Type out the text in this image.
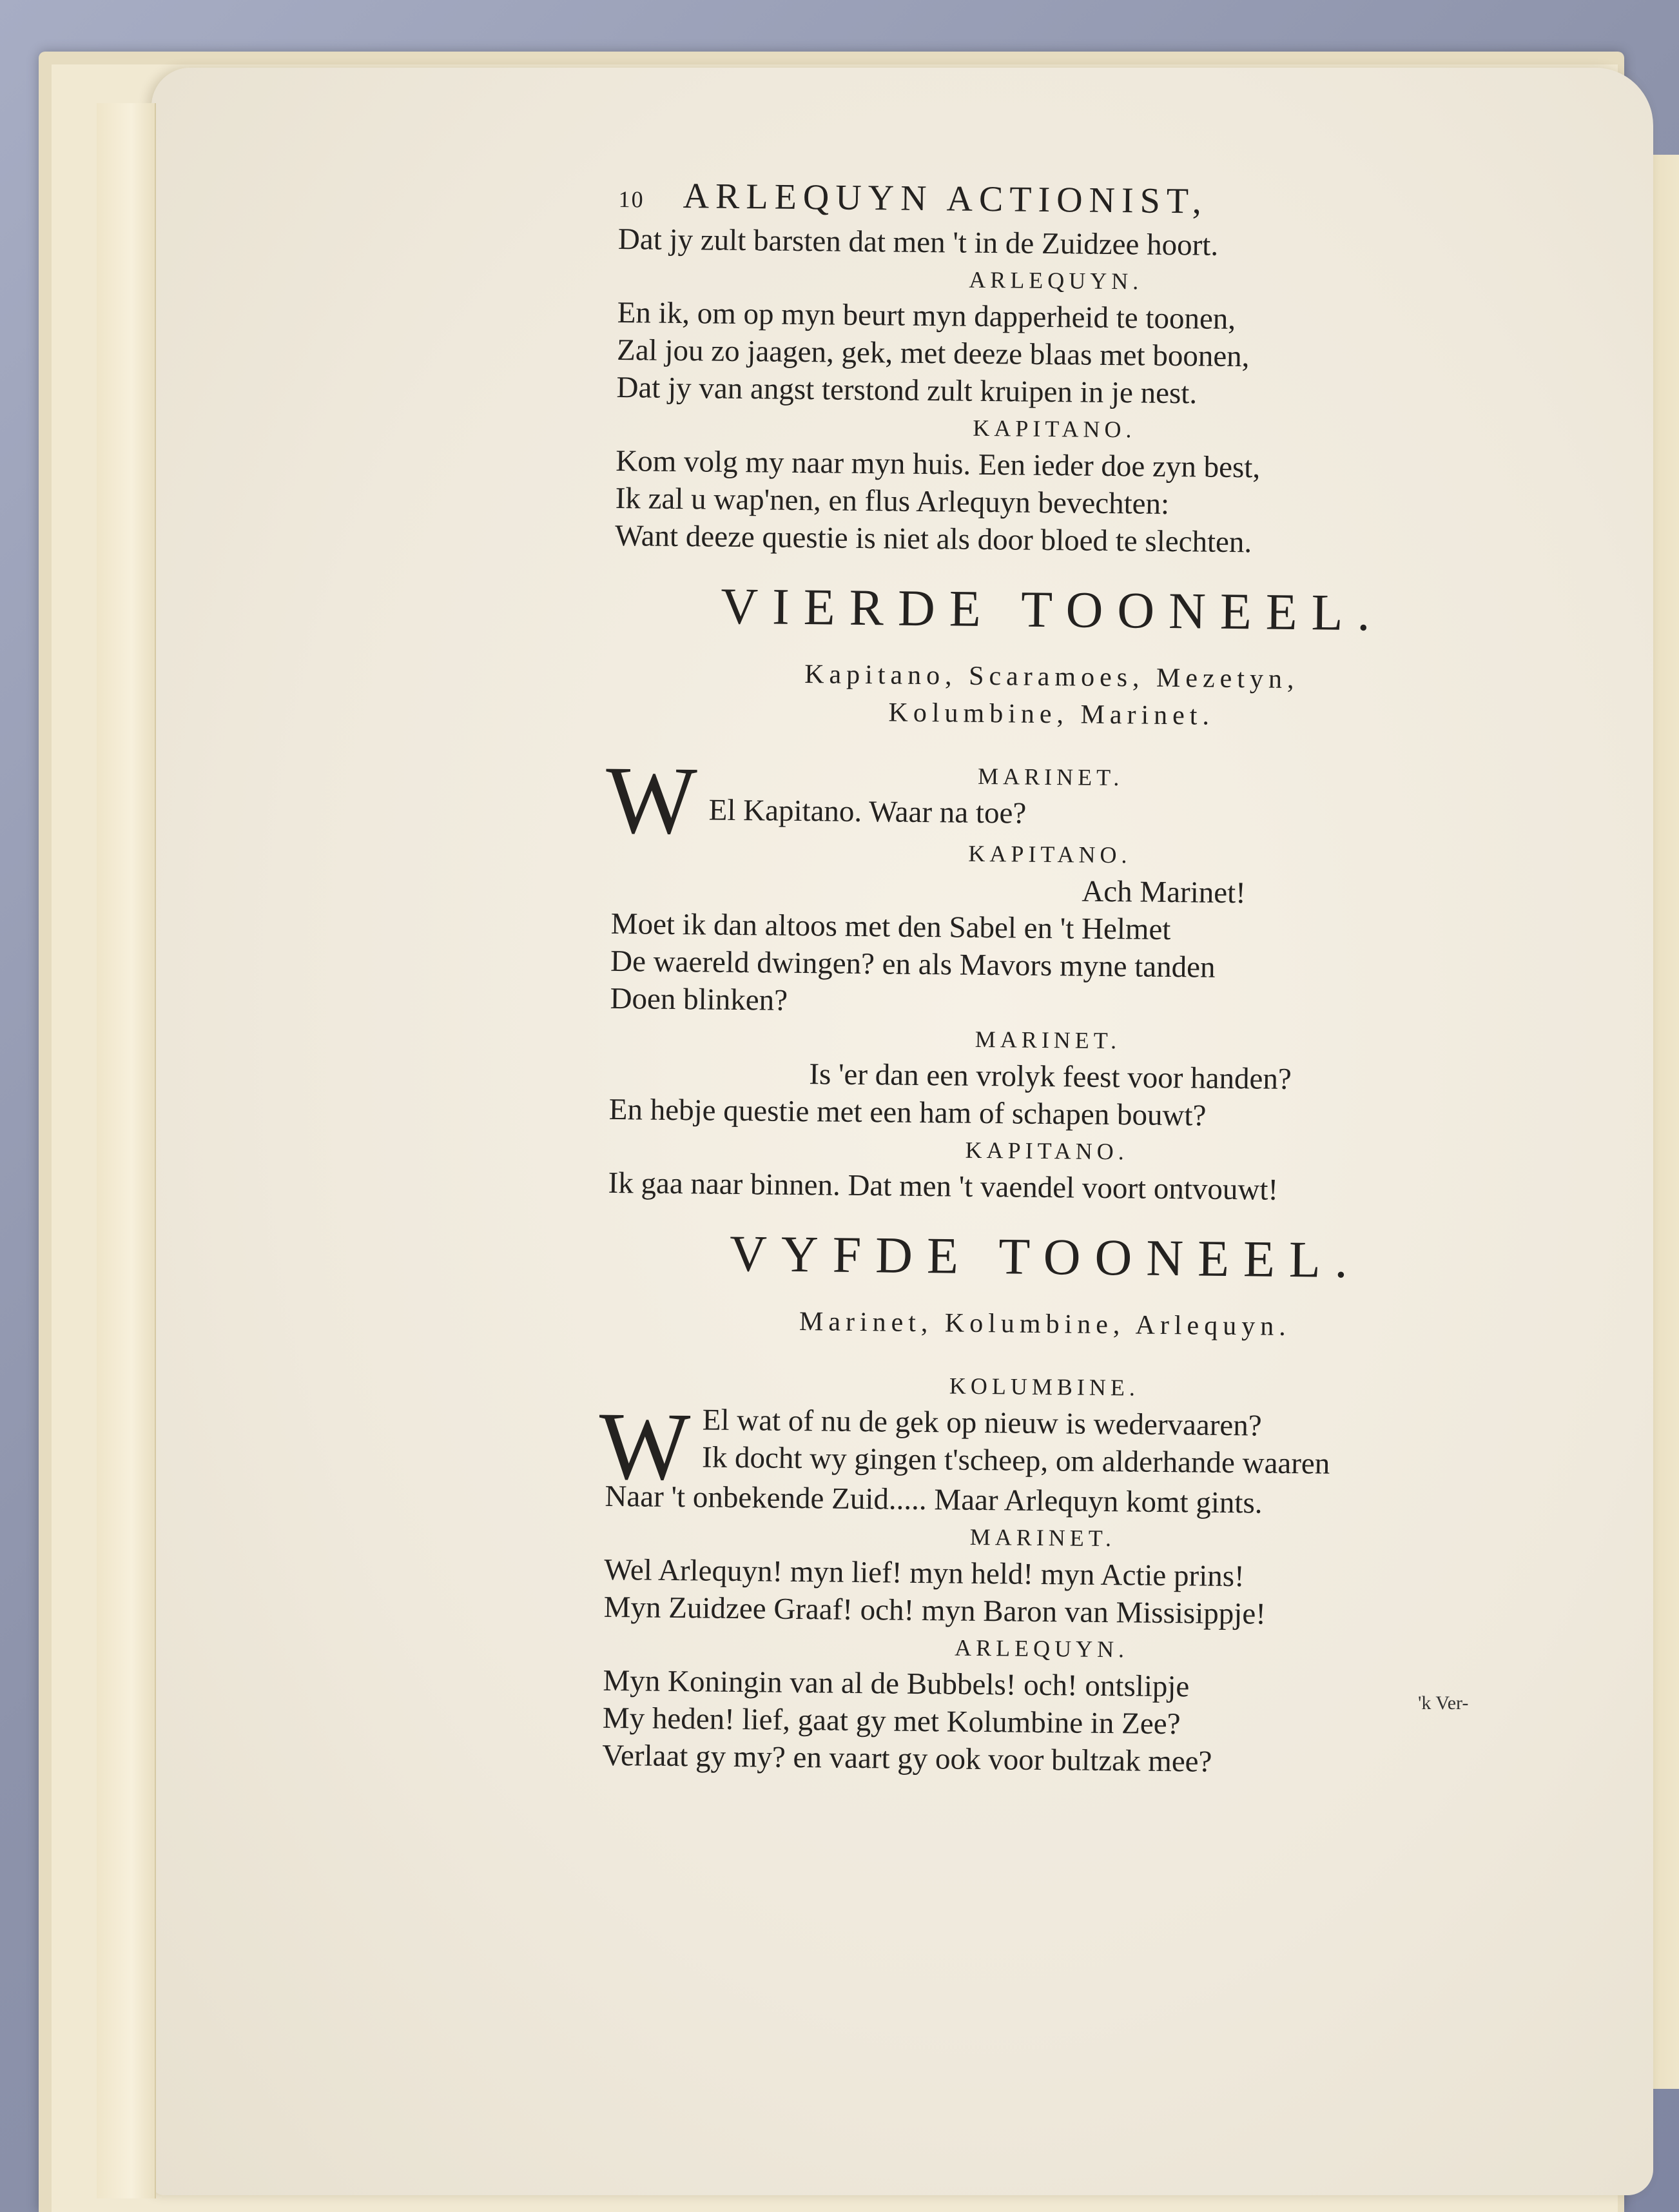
10 ARLEQUYN ACTIONIST,
Dat jy zult barsten dat men 't in de Zuidzee hoort.
ARLEQUYN.
En ik, om op myn beurt myn dapperheid te toonen,
Zal jou zo jaagen, gek, met deeze blaas met boonen,
Dat jy van angst terstond zult kruipen in je nest.
KAPITANO.
Kom volg my naar myn huis. Een ieder doe zyn best,
Ik zal u wap'nen, en flus Arlequyn bevechten:
Want deeze questie is niet als door bloed te slechten.
VIERDE TOONEEL.
Kapitano, Scaramoes, Mezetyn,
Kolumbine, Marinet.
W	MARINET.
El Kapitano. Waar na toe?
KAPITANO.
Ach Marinet!
Moet ik dan altoos met den Sabel en 't Helmet
De waereld dwingen? en als Mavors myne tanden
Doen blinken?
MARINET.
Is 'er dan een vrolyk feest voor handen?
En hebje questie met een ham of schapen bouwt?
KAPITANO.
Ik gaa naar binnen. Dat men 't vaendel voort ontvouwt!
VYFDE TOONEEL.
Marinet, Kolumbine, Arlequyn.
KOLUMBINE.
W El wat of nu de gek op nieuw is wedervaaren?
Ik docht wy gingen t'scheep, om alderhande waaren
Naar 't onbekende Zuid..... Maar Arlequyn komt gints.
MARINET.
Wel Arlequyn! myn lief! myn held! myn Actie prins!
Myn Zuidzee Graaf! och! myn Baron van Missisippje!
ARLEQUYN.
Myn Koningin van al de Bubbels! och! ontslipje
My heden! lief, gaat gy met Kolumbine in Zee?
Verlaat gy my? en vaart gy ook voor bultzak mee?
'k Ver-
